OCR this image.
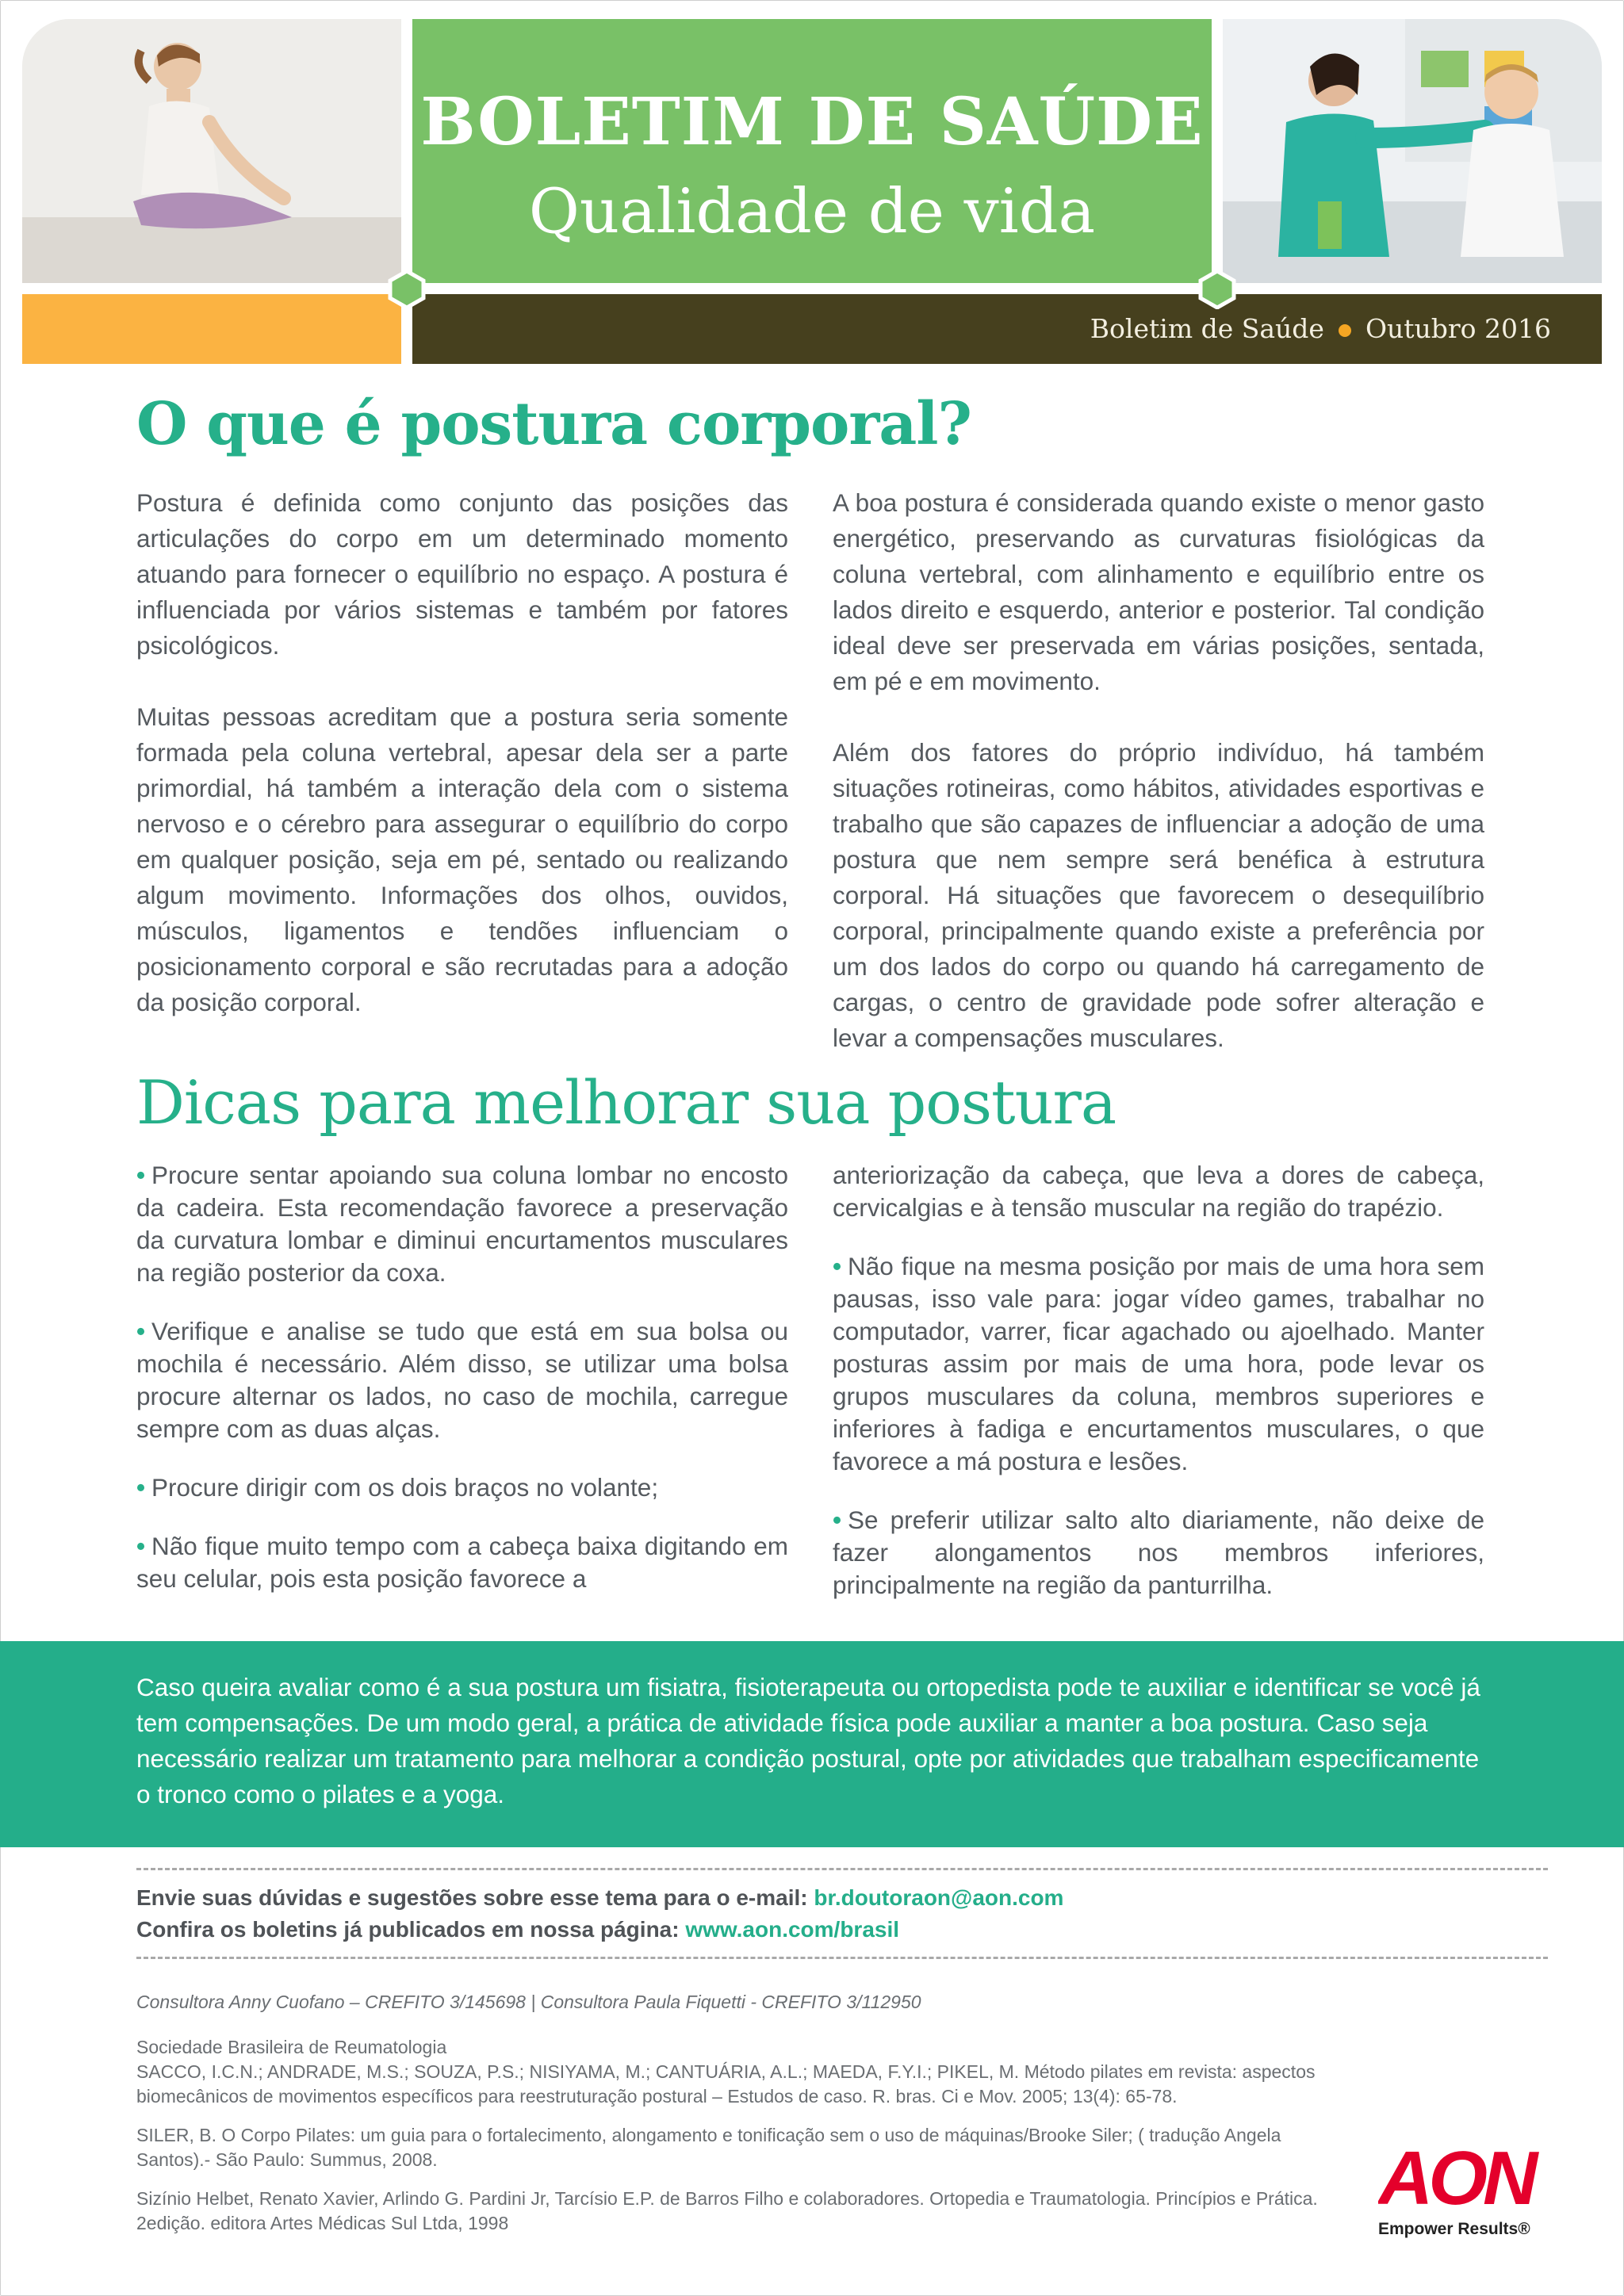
BOLETIM DE SAÚDE
Qualidade de vida
Boletim de Saúde Outubro 2016
O que é postura corporal?

Postura é definida como conjunto das posições das articulações do corpo em um determinado momento atuando para fornecer o equilíbrio no espaço. A postura é influenciada por vários sistemas e também por fatores psicológicos.

Muitas pessoas acreditam que a postura seria somente formada pela coluna vertebral, apesar dela ser a parte primordial, há também a interação dela com o sistema nervoso e o cérebro para assegurar o equilíbrio do corpo em qualquer posição, seja em pé, sentado ou realizando algum movimento. Informações dos olhos, ouvidos, músculos, ligamentos e tendões influenciam o posicionamento corporal e são recrutadas para a adoção da posição corporal.

A boa postura é considerada quando existe o menor gasto energético, preservando as curvaturas fisiológicas da coluna vertebral, com alinhamento e equilíbrio entre os lados direito e esquerdo, anterior e posterior. Tal condição ideal deve ser preservada em várias posições, sentada, em pé e em movimento.

Além dos fatores do próprio indivíduo, há também situações rotineiras, como hábitos, atividades esportivas e trabalho que são capazes de influenciar a adoção de uma postura que nem sempre será benéfica à estrutura corporal. Há situações que favorecem o desequilíbrio corporal, principalmente quando existe a preferência por um dos lados do corpo ou quando há carregamento de cargas, o centro de gravidade pode sofrer alteração e levar a compensações musculares.

Dicas para melhorar sua postura

• Procure sentar apoiando sua coluna lombar no encosto da cadeira. Esta recomendação favorece a preservação da curvatura lombar e diminui encurtamentos musculares na região posterior da coxa.

• Verifique e analise se tudo que está em sua bolsa ou mochila é necessário. Além disso, se utilizar uma bolsa procure alternar os lados, no caso de mochila, carregue sempre com as duas alças.

• Procure dirigir com os dois braços no volante;

• Não fique muito tempo com a cabeça baixa digitando em seu celular, pois esta posição favorece a

anteriorização da cabeça, que leva a dores de cabeça, cervicalgias e à tensão muscular na região do trapézio.

• Não fique na mesma posição por mais de uma hora sem pausas, isso vale para: jogar vídeo games, trabalhar no computador, varrer, ficar agachado ou ajoelhado. Manter posturas assim por mais de uma hora, pode levar os grupos musculares da coluna, membros superiores e inferiores à fadiga e encurtamentos musculares, o que favorece a má postura e lesões.

• Se preferir utilizar salto alto diariamente, não deixe de fazer alongamentos nos membros inferiores, principalmente na região da panturrilha.

Caso queira avaliar como é a sua postura um fisiatra, fisioterapeuta ou ortopedista pode te auxiliar e identificar se você já tem compensações. De um modo geral, a prática de atividade física pode auxiliar a manter a boa postura. Caso seja necessário realizar um tratamento para melhorar a condição postural, opte por atividades que trabalham especificamente o tronco como o pilates e a yoga.

Envie suas dúvidas e sugestões sobre esse tema para o e-mail: br.doutoraon@aon.com
Confira os boletins já publicados em nossa página: www.aon.com/brasil

Consultora Anny Cuofano – CREFITO 3/145698 | Consultora Paula Fiquetti - CREFITO 3/112950

Sociedade Brasileira de Reumatologia
SACCO, I.C.N.; ANDRADE, M.S.; SOUZA, P.S.; NISIYAMA, M.; CANTUÁRIA, A.L.; MAEDA, F.Y.I.; PIKEL, M. Método pilates em revista: aspectos biomecânicos de movimentos específicos para reestruturação postural – Estudos de caso. R. bras. Ci e Mov. 2005; 13(4): 65-78.

SILER, B. O Corpo Pilates: um guia para o fortalecimento, alongamento e tonificação sem o uso de máquinas/Brooke Siler; ( tradução Angela Santos).- São Paulo: Summus, 2008.

Sizínio Helbet, Renato Xavier, Arlindo G. Pardini Jr, Tarcísio E.P. de Barros Filho e colaboradores. Ortopedia e Traumatologia. Princípios e Prática. 2edição. editora Artes Médicas Sul Ltda, 1998

AON
Empower Results®
